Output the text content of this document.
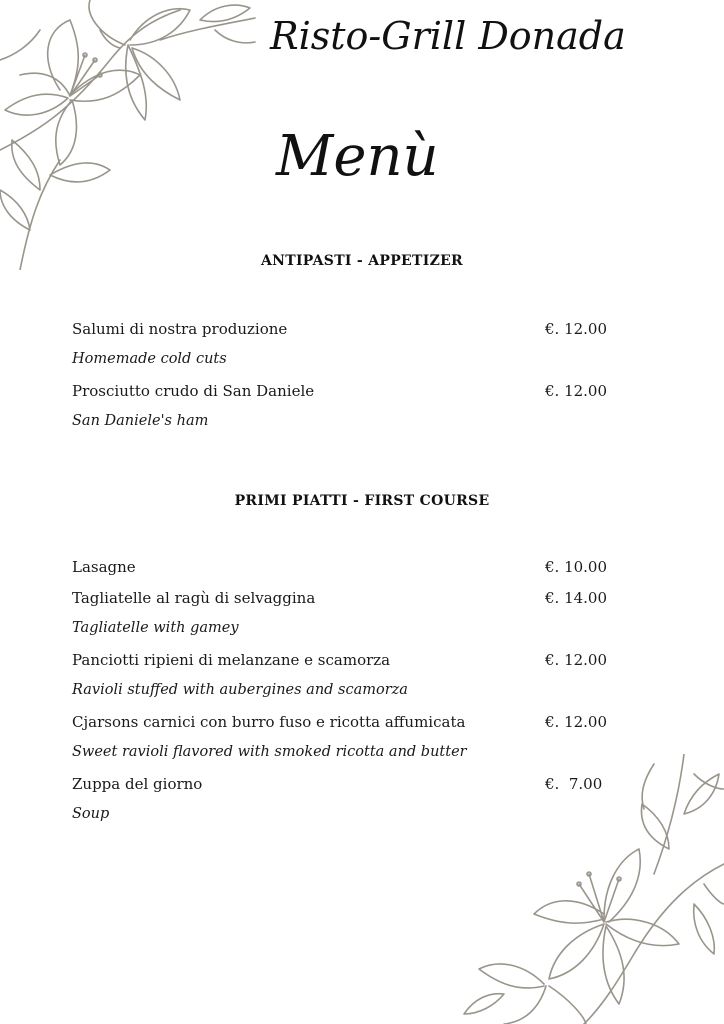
Risto-Grill Donada
Menù
ANTIPASTI - APPETIZER
Salumi di nostra produzione	€. 12.00
Homemade cold cuts
Prosciutto crudo di San Daniele	€. 12.00
San Daniele's ham
PRIMI PIATTI - FIRST COURSE
Lasagne	€. 10.00
Tagliatelle al ragù di selvaggina	€. 14.00
Tagliatelle with gamey
Panciotti ripieni di melanzane e scamorza	€. 12.00
Ravioli stuffed with aubergines and scamorza
Cjarsons carnici con burro fuso e ricotta affumicata	€. 12.00
Sweet ravioli flavored with smoked ricotta and butter
Zuppa del giorno	€.  7.00
Soup
